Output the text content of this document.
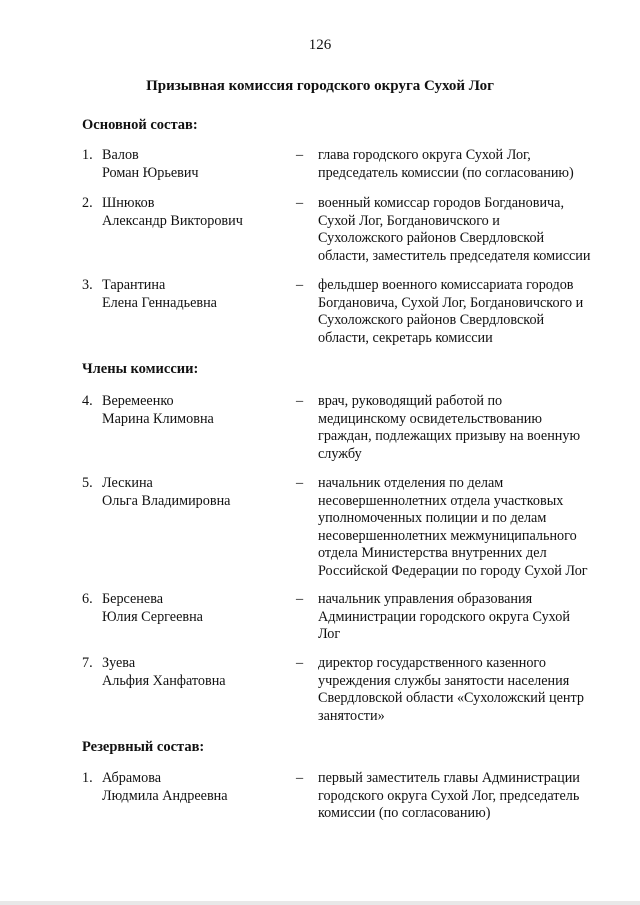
126
Призывная комиссия городского округа Сухой Лог
Основной состав:
1. Валов
Роман Юрьевич
– глава городского округа Сухой Лог,
председатель комиссии (по согласованию)
2. Шнюков
Александр Викторович
– военный комиссар городов Богдановича,
Сухой Лог, Богдановичского и
Сухоложского районов Свердловской
области, заместитель председателя комиссии
3. Тарантина
Елена Геннадьевна
– фельдшер военного комиссариата городов
Богдановича, Сухой Лог, Богдановичского и
Сухоложского районов Свердловской
области, секретарь комиссии
Члены комиссии:
4. Веремеенко
Марина Климовна
– врач, руководящий работой по
медицинскому освидетельствованию
граждан, подлежащих призыву на военную
службу
5. Лескина
Ольга Владимировна
– начальник отделения по делам
несовершеннолетних отдела участковых
уполномоченных полиции и по делам
несовершеннолетних межмуниципального
отдела Министерства внутренних дел
Российской Федерации по городу Сухой Лог
6. Берсенева
Юлия Сергеевна
– начальник управления образования
Администрации городского округа Сухой
Лог
7. Зуева
Альфия Ханфатовна
– директор государственного казенного
учреждения службы занятости населения
Свердловской области «Сухоложский центр
занятости»
Резервный состав:
1. Абрамова
Людмила Андреевна
– первый заместитель главы Администрации
городского округа Сухой Лог, председатель
комиссии (по согласованию)
